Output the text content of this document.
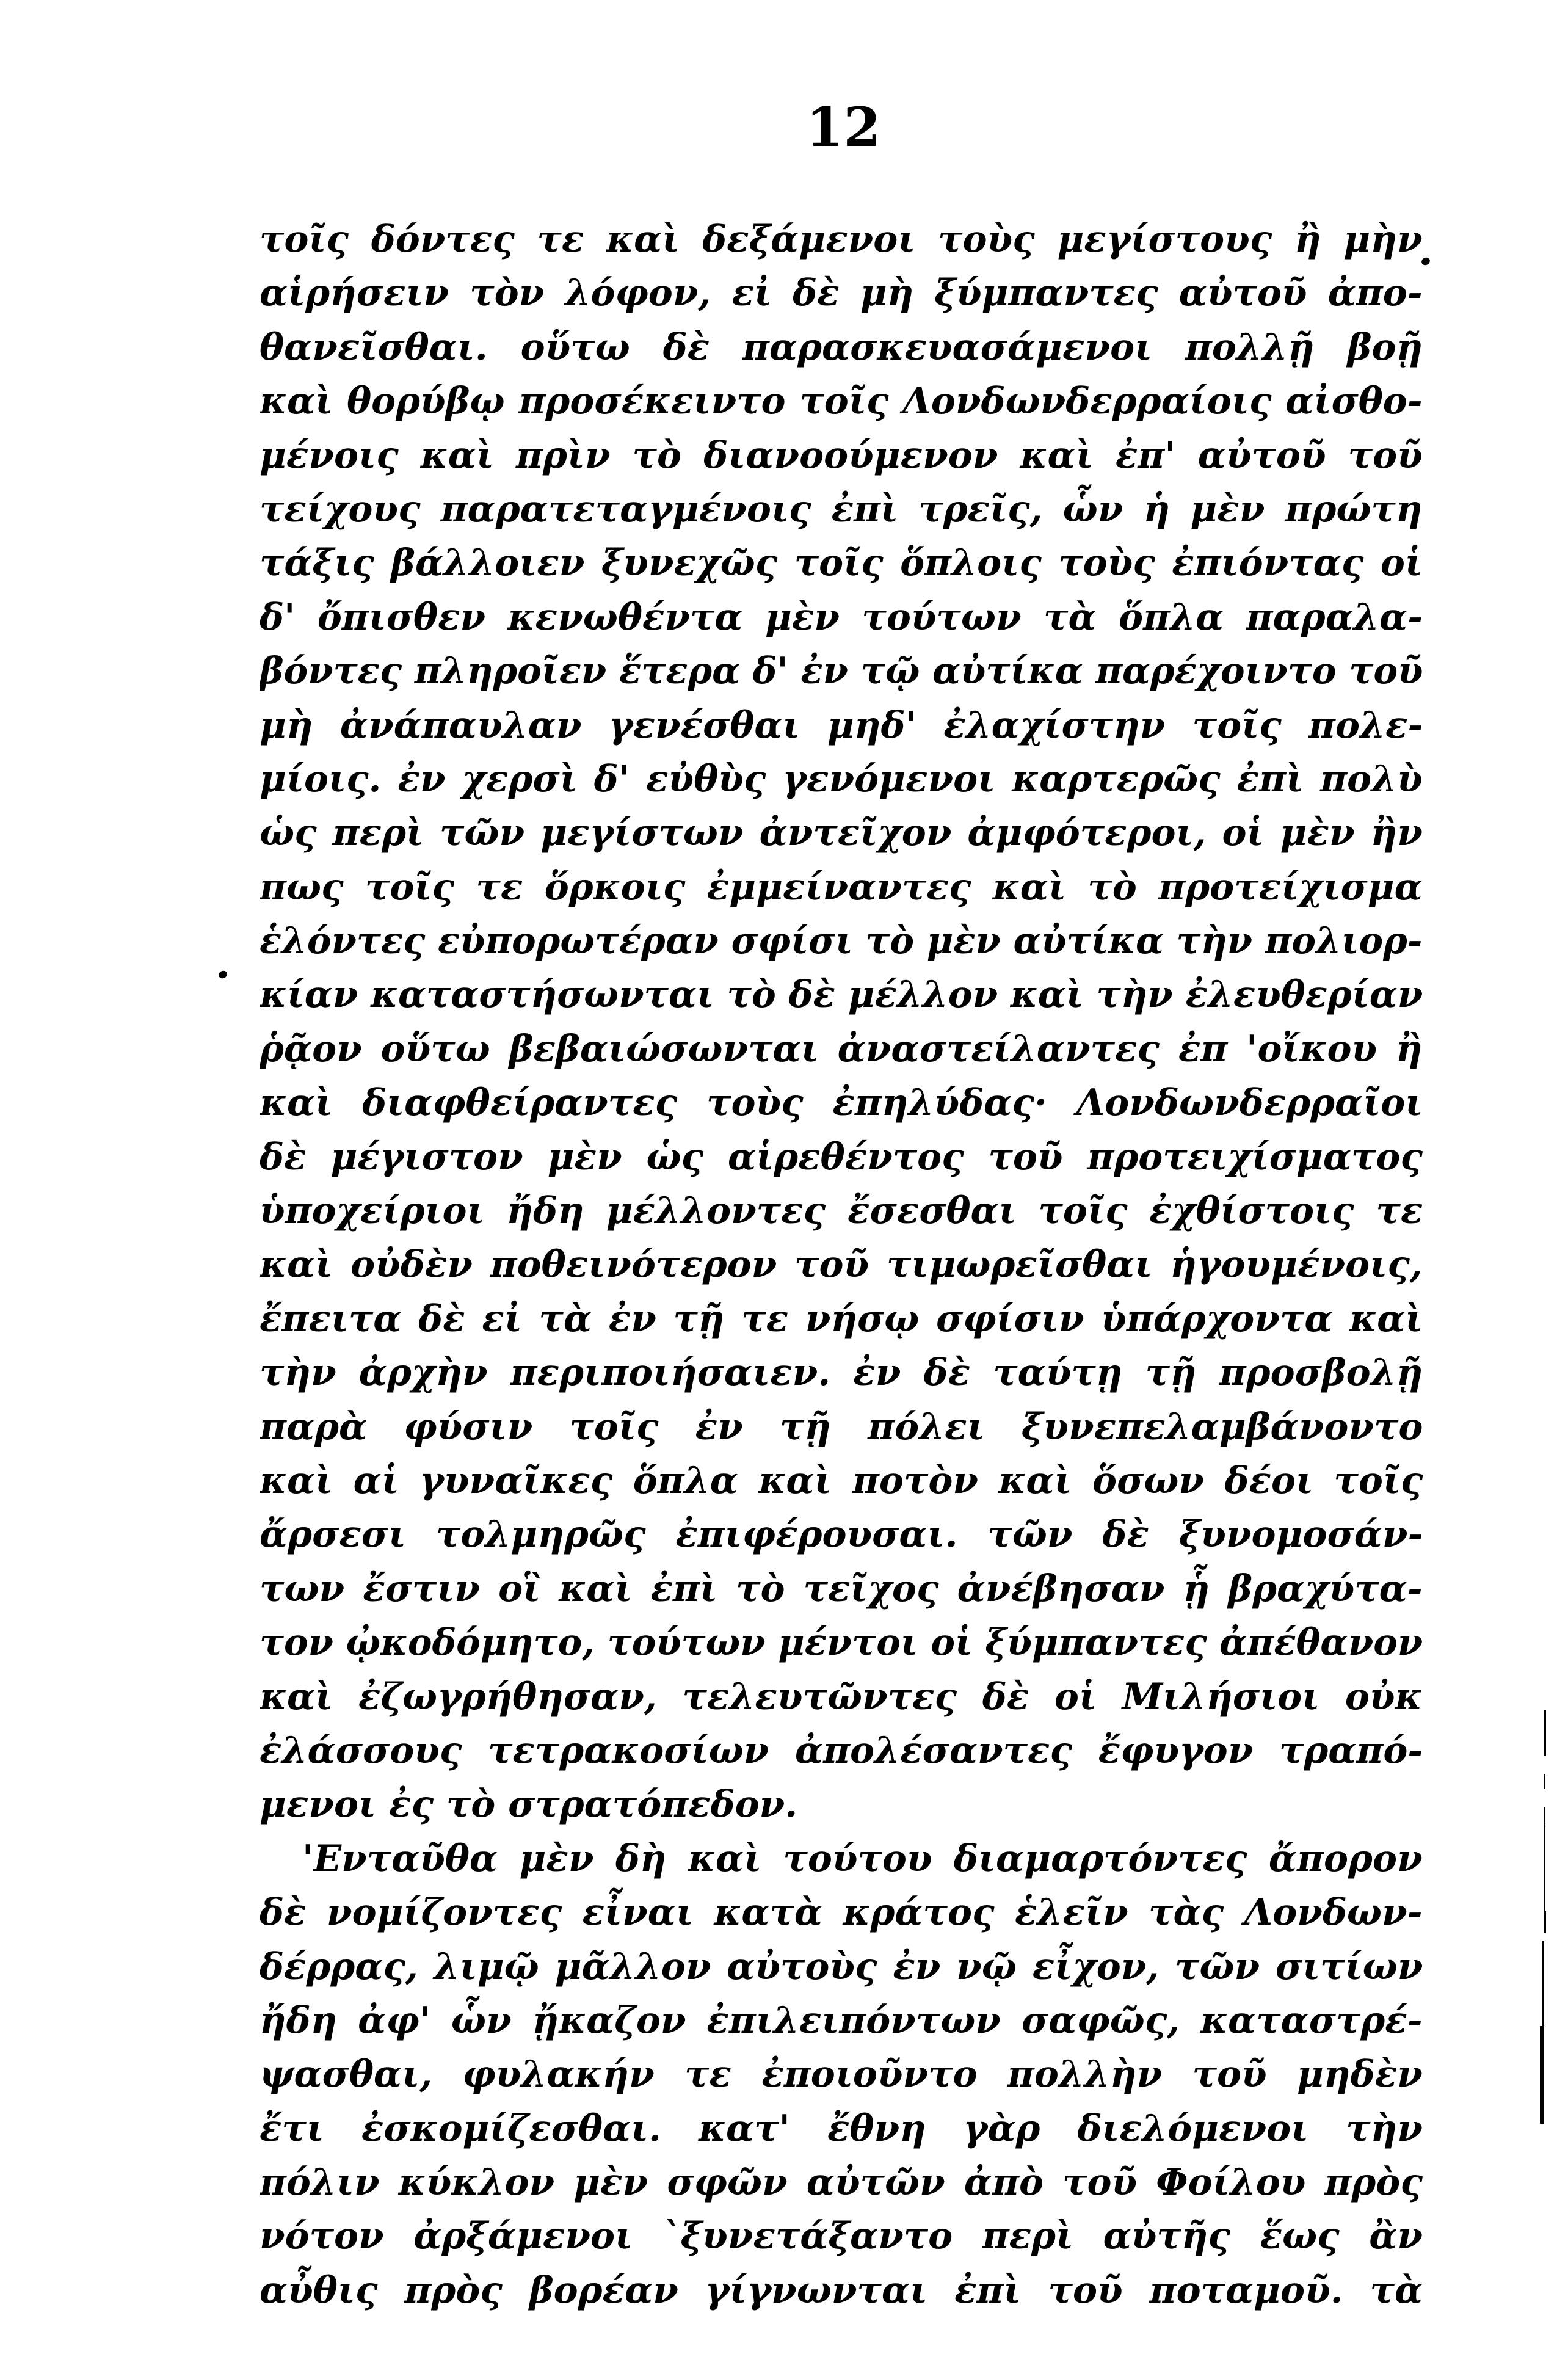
12
τοῖς δόντες τε καὶ δεξάμενοι τοὺς μεγίστους ἢ μὴν
αἱρήσειν τὸν λόφον, εἰ δὲ μὴ ξύμπαντες αὐτοῦ ἀπο-
θανεῖσθαι. οὕτω δὲ παρασκευασάμενοι πολλῇ βοῇ
καὶ θορύβῳ προσέκειντο τοῖς Λονδωνδερραίοις αἰσθο-
μένοις καὶ πρὶν τὸ διανοούμενον καὶ ἐπ' αὐτοῦ τοῦ
τείχους παρατεταγμένοις ἐπὶ τρεῖς, ὧν ἡ μὲν πρώτη
τάξις βάλλοιεν ξυνεχῶς τοῖς ὅπλοις τοὺς ἐπιόντας οἱ
δ' ὄπισθεν κενωθέντα μὲν τούτων τὰ ὅπλα παραλα-
βόντες πληροῖεν ἕτερα δ' ἐν τῷ αὐτίκα παρέχοιντο τοῦ
μὴ ἀνάπαυλαν γενέσθαι μηδ' ἐλαχίστην τοῖς πολε-
μίοις. ἐν χερσὶ δ' εὐθὺς γενόμενοι καρτερῶς ἐπὶ πολὺ
ὡς περὶ τῶν μεγίστων ἀντεῖχον ἀμφότεροι, οἱ μὲν ἢν
πως τοῖς τε ὅρκοις ἐμμείναντες καὶ τὸ προτείχισμα
ἑλόντες εὐπορωτέραν σφίσι τὸ μὲν αὐτίκα τὴν πολιορ-
κίαν καταστήσωνται τὸ δὲ μέλλον καὶ τὴν ἐλευθερίαν
ῥᾷον οὕτω βεβαιώσωνται ἀναστείλαντες ἐπ 'οἴκου ἢ
καὶ διαφθείραντες τοὺς ἐπηλύδας· Λονδωνδερραῖοι
δὲ μέγιστον μὲν ὡς αἱρεθέντος τοῦ προτειχίσματος
ὑποχείριοι ἤδη μέλλοντες ἔσεσθαι τοῖς ἐχθίστοις τε
καὶ οὐδὲν ποθεινότερον τοῦ τιμωρεῖσθαι ἡγουμένοις,
ἔπειτα δὲ εἰ τὰ ἐν τῇ τε νήσῳ σφίσιν ὑπάρχοντα καὶ
τὴν ἀρχὴν περιποιήσαιεν. ἐν δὲ ταύτῃ τῇ προσβολῇ
παρὰ φύσιν τοῖς ἐν τῇ πόλει ξυνεπελαμβάνοντο
καὶ αἱ γυναῖκες ὅπλα καὶ ποτὸν καὶ ὅσων δέοι τοῖς
ἄρσεσι τολμηρῶς ἐπιφέρουσαι. τῶν δὲ ξυνομοσάν-
των ἔστιν οἳ καὶ ἐπὶ τὸ τεῖχος ἀνέβησαν ᾗ βραχύτα-
τον ᾠκοδόμητο, τούτων μέντοι οἱ ξύμπαντες ἀπέθανον
καὶ ἐζωγρήθησαν, τελευτῶντες δὲ οἱ Μιλήσιοι οὐκ
ἐλάσσους τετρακοσίων ἀπολέσαντες ἔφυγον τραπό-
μενοι ἐς τὸ στρατόπεδον.
'Ενταῦθα μὲν δὴ καὶ τούτου διαμαρτόντες ἄπορον
δὲ νομίζοντες εἶναι κατὰ κράτος ἑλεῖν τὰς Λονδων-
δέρρας, λιμῷ μᾶλλον αὐτοὺς ἐν νῷ εἶχον, τῶν σιτίων
ἤδη ἀφ' ὧν ᾔκαζον ἐπιλειπόντων σαφῶς, καταστρέ-
ψασθαι, φυλακήν τε ἐποιοῦντο πολλὴν τοῦ μηδὲν
ἔτι ἐσκομίζεσθαι. κατ' ἔθνη γὰρ διελόμενοι τὴν
πόλιν κύκλον μὲν σφῶν αὐτῶν ἀπὸ τοῦ Φοίλου πρὸς
νότον ἀρξάμενοι `ξυνετάξαντο περὶ αὐτῆς ἕως ἂν
αὖθις πρὸς βορέαν γίγνωνται ἐπὶ τοῦ ποταμοῦ. τὰ
